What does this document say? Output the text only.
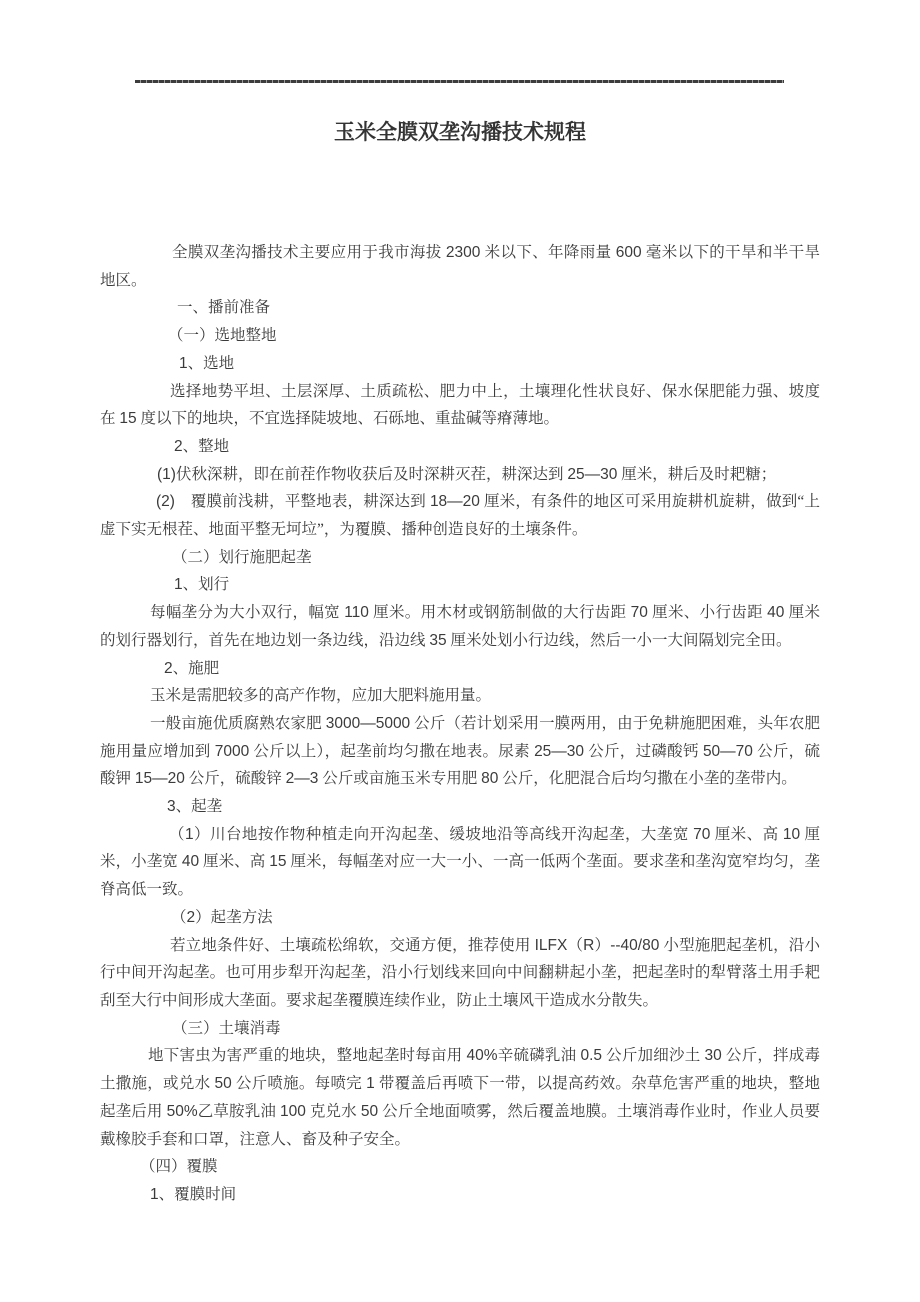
玉米全膜双垄沟播技术规程

全膜双垄沟播技术主要应用于我市海拔 2300 米以下、年降雨量 600 毫米以下的干旱和半干旱地区。

一、播前准备

（一）选地整地

1、选地

选择地势平坦、土层深厚、土质疏松、肥力中上，土壤理化性状良好、保水保肥能力强、坡度在 15 度以下的地块，不宜选择陡坡地、石砾地、重盐碱等瘠薄地。

2、整地

(1)伏秋深耕，即在前茬作物收获后及时深耕灭茬，耕深达到 25—30 厘米，耕后及时耙糖；

(2)　覆膜前浅耕，平整地表，耕深达到 18—20 厘米，有条件的地区可采用旋耕机旋耕，做到“上虚下实无根茬、地面平整无坷垃”，为覆膜、播种创造良好的土壤条件。

（二）划行施肥起垄

1、划行

每幅垄分为大小双行，幅宽 110 厘米。用木材或钢筋制做的大行齿距 70 厘米、小行齿距 40 厘米的划行器划行，首先在地边划一条边线，沿边线 35 厘米处划小行边线，然后一小一大间隔划完全田。

2、施肥

玉米是需肥较多的高产作物，应加大肥料施用量。

一般亩施优质腐熟农家肥 3000—5000 公斤（若计划采用一膜两用，由于免耕施肥困难，头年农肥施用量应增加到 7000 公斤以上），起垄前均匀撒在地表。尿素 25—30 公斤，过磷酸钙 50—70 公斤，硫酸钾 15—20 公斤，硫酸锌 2—3 公斤或亩施玉米专用肥 80 公斤，化肥混合后均匀撒在小垄的垄带内。

3、起垄

（1）川台地按作物种植走向开沟起垄、缓坡地沿等高线开沟起垄，大垄宽 70 厘米、高 10 厘米，小垄宽 40 厘米、高 15 厘米，每幅垄对应一大一小、一高一低两个垄面。要求垄和垄沟宽窄均匀，垄脊高低一致。

（2）起垄方法

若立地条件好、土壤疏松绵软，交通方便，推荐使用 ILFX（R）--40/80 小型施肥起垄机，沿小行中间开沟起垄。也可用步犁开沟起垄，沿小行划线来回向中间翻耕起小垄，把起垄时的犁臂落土用手耙刮至大行中间形成大垄面。要求起垄覆膜连续作业，防止土壤风干造成水分散失。

（三）土壤消毒

地下害虫为害严重的地块，整地起垄时每亩用 40%辛硫磷乳油 0.5 公斤加细沙土 30 公斤，拌成毒土撒施，或兑水 50 公斤喷施。每喷完 1 带覆盖后再喷下一带，以提高药效。杂草危害严重的地块，整地起垄后用 50%乙草胺乳油 100 克兑水 50 公斤全地面喷雾，然后覆盖地膜。土壤消毒作业时，作业人员要戴橡胶手套和口罩，注意人、畜及种子安全。

（四）覆膜

1、覆膜时间
